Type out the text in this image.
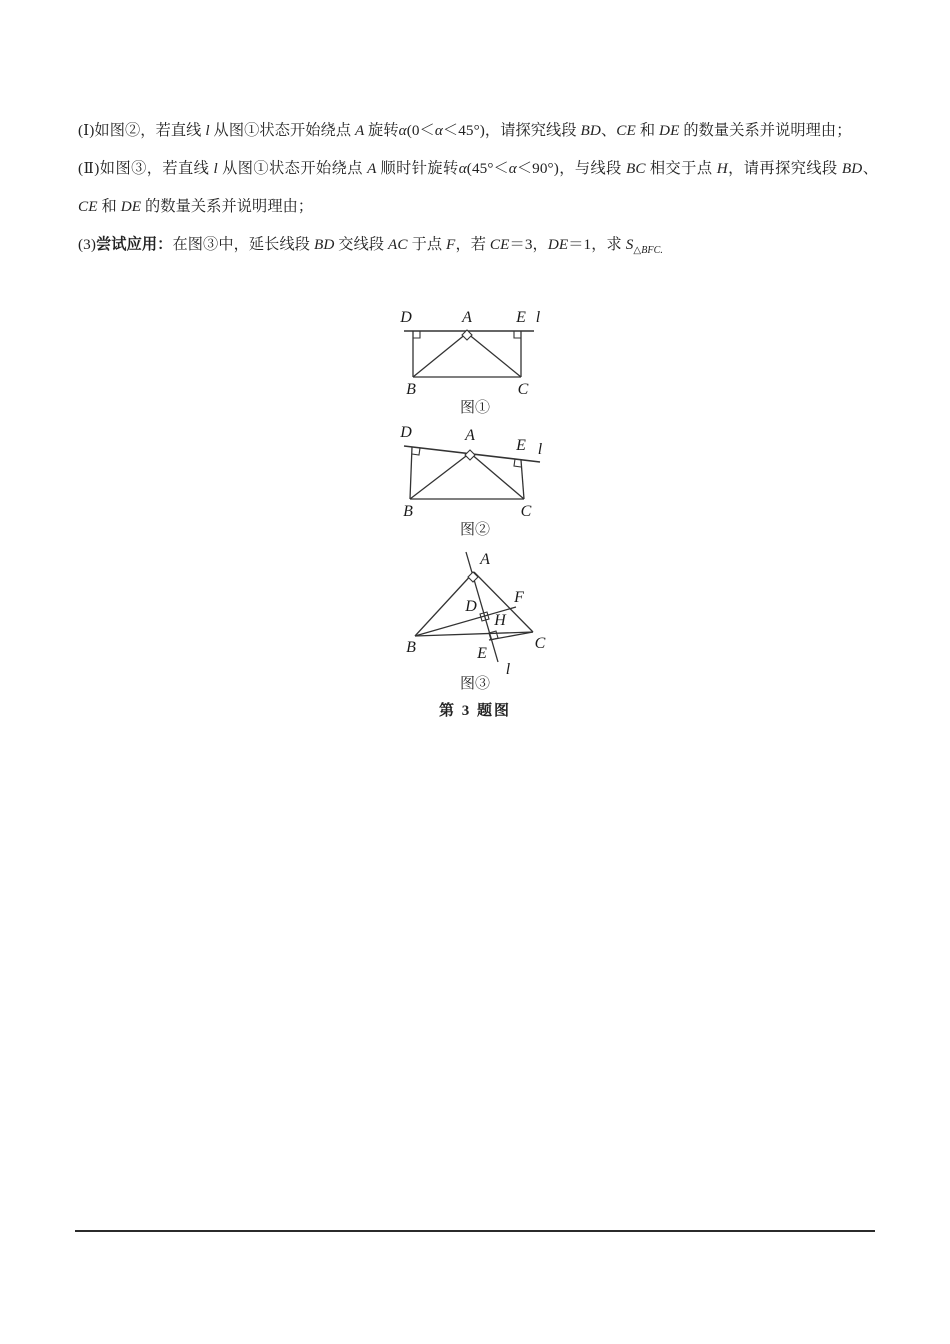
(Ⅰ)如图②，若直线 l 从图①状态开始绕点 A 旋转α(0＜α＜45°)，请探究线段 BD、CE 和 DE 的数量关系并说明理由；

(Ⅱ)如图③，若直线 l 从图①状态开始绕点 A 顺时针旋转α(45°＜α＜90°)，与线段 BC 相交于点 H，请再探究线段 BD、CE 和 DE 的数量关系并说明理由；

(3)尝试应用：在图③中，延长线段 BD 交线段 AC 于点 F，若 CE＝3，DE＝1，求 $S_{\triangle BFC.}$

D	A	E l
B	C
图①
D	A
E l
B	C
图②
A
B	C
D
E
F
H
l
图③
第 3 题图
